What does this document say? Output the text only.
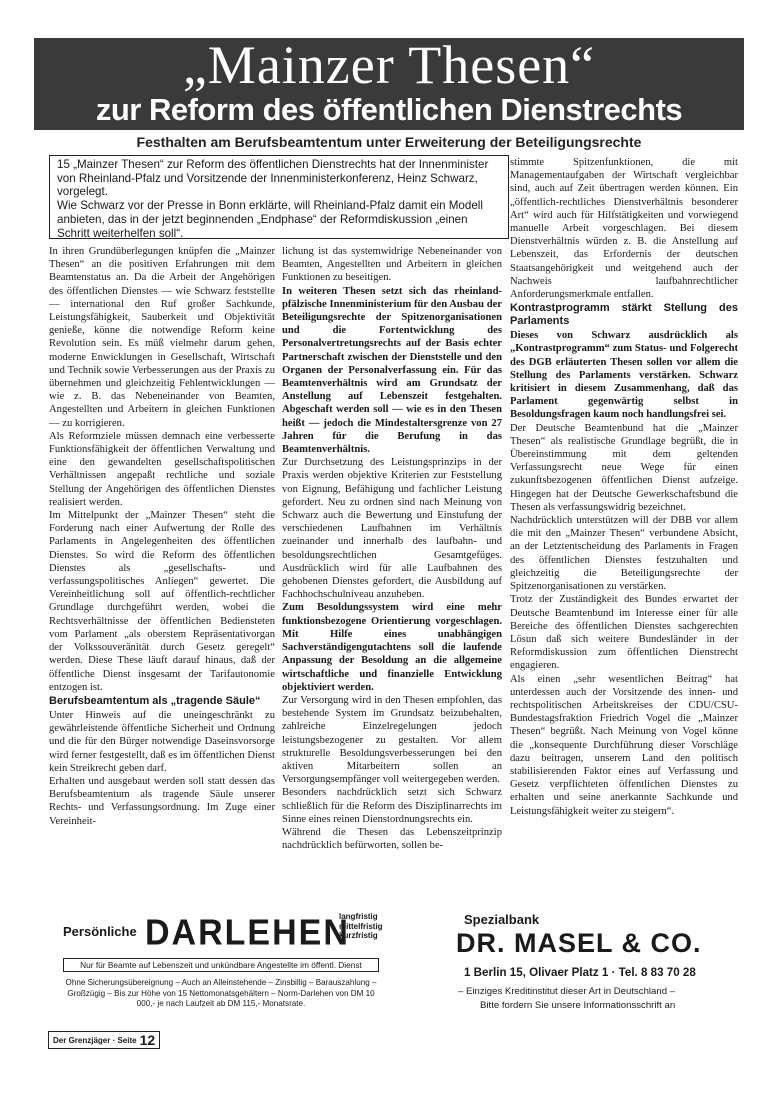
„Mainzer Thesen“
zur Reform des öffentlichen Dienstrechts
Festhalten am Berufsbeamtentum unter Erweiterung der Beteiligungsrechte

15 „Mainzer Thesen“ zur Reform des öffentlichen Dienstrechts hat der Innenminister von Rheinland-Pfalz und Vorsitzende der Innenministerkonferenz, Heinz Schwarz, vorgelegt.

Wie Schwarz vor der Presse in Bonn erklärte, will Rheinland-Pfalz damit ein Modell anbieten, das in der jetzt beginnenden „Endphase“ der Reformdiskussion „einen Schritt weiterhelfen soll“.

In ihren Grundüberlegungen knüpfen die „Mainzer Thesen“ an die positiven Erfahrungen mit dem Beamtenstatus an. Da die Arbeit der Angehörigen des öffentlichen Dienstes — wie Schwarz feststellte — international den Ruf großer Sachkunde, Leistungsfähigkeit, Sauberkeit und Objektivität genieße, könne die notwendige Reform keine Revolution sein. Es müß vielmehr darum gehen, moderne Enwicklungen in Gesellschaft, Wirtschaft und Technik sowie Verbesserungen aus der Praxis zu übernehmen und gleichzeitig Fehlentwicklungen — wie z. B. das Nebeneinander von Beamten, Angestellten und Arbeitern in gleichen Funktionen — zu korrigieren.

Als Reformziele müssen demnach eine verbesserte Funktionsfähigkeit der öffentlichen Verwaltung und eine den gewandelten gesellschaftspolitischen Verhältnissen angepaßt rechtliche und soziale Stellung der Angehörigen des öffentlichen Dienstes realisiert werden.

Im Mittelpunkt der „Mainzer Thesen“ steht die Forderung nach einer Aufwertung der Rolle des Parlaments in Angelegenheiten des öffentlichen Dienstes. So wird die Reform des öffentlichen Dienstes als „gesellschafts- und verfassungspolitisches Anliegen“ gewertet. Die Vereinheitlichung soll auf öffentlich-rechtlicher Grundlage durchgeführt werden, wobei die Rechtsverhältnisse der öffentlichen Bediensteten vom Parlament „als oberstem Repräsentativorgan der Volkssouveränität durch Gesetz geregelt“ werden. Diese These läuft darauf hinaus, daß der öffentliche Dienst insgesamt der Tarifautonomie entzogen ist.

Berufsbeamtentum als „tragende Säule“

Unter Hinweis auf die uneingeschränkt zu gewährleistende öffentliche Sicherheit und Ordnung und die für den Bürger notwendige Daseinsvorsorge wird ferner festgestellt, daß es im öffentlichen Dienst kein Streikrecht geben darf.

Erhalten und ausgebaut werden soll statt dessen das Berufsbeamtentum als tragende Säule unserer Rechts- und Verfassungsordnung. Im Zuge einer Vereinheit-

lichung ist das systemwidrige Nebeneinander von Beamten, Angestellten und Arbeitern in gleichen Funktionen zu beseitigen.

In weiteren Thesen setzt sich das rheinland-pfälzische Innenministerium für den Ausbau der Beteiligungsrechte der Spitzenorganisationen und die Fortentwicklung des Personalvertretungsrechts auf der Basis echter Partnerschaft zwischen der Dienststelle und den Organen der Personalverfassung ein. Für das Beamtenverhältnis wird am Grundsatz der Anstellung auf Lebenszeit festgehalten. Abgeschaft werden soll — wie es in den Thesen heißt — jedoch die Mindestaltersgrenze von 27 Jahren für die Berufung in das Beamtenverhältnis.

Zur Durchsetzung des Leistungsprinzips in der Praxis werden objektive Kriterien zur Feststellung von Eignung, Befähigung und fachlicher Leistung gefordert. Neu zu ordnen sind nach Meinung von Schwarz auch die Bewertung und Einstufung der verschiedenen Laufbahnen im Verhältnis zueinander und innerhalb des laufbahn- und besoldungsrechtlichen Gesamtgefüges. Ausdrücklich wird für alle Laufbahnen des gehobenen Dienstes gefordert, die Ausbildung auf Fachhochschulniveau anzuheben.

Zum Besoldungssystem wird eine mehr funktionsbezogene Orientierung vorgeschlagen. Mit Hilfe eines unabhängigen Sachverständigengutachtens soll die laufende Anpassung der Besoldung an die allgemeine wirtschaftliche und finanzielle Entwicklung objektiviert werden.

Zur Versorgung wird in den Thesen empfohlen, das bestehende System im Grundsatz beizubehalten, zahlreiche Einzelregelungen jedoch leistungsbezogener zu gestalten. Vor allem strukturelle Besoldungsverbesserungen bei den aktiven Mitarbeitern sollen an Versorgungsempfänger voll weitergegeben werden.

Besonders nachdrücklich setzt sich Schwarz schließlich für die Reform des Disziplinarrechts im Sinne eines reinen Dienstordnungsrechts ein.

Während die Thesen das Lebenszeitprinzip nachdrücklich befürworten, sollen be-

stimmte Spitzenfunktionen, die mit Managementaufgaben der Wirtschaft vergleichbar sind, auch auf Zeit übertragen werden können. Ein „öffentlich-rechtliches Dienstverhältnis besonderer Art“ wird auch für Hilfstätigkeiten und vorwiegend manuelle Arbeit vorgeschlagen. Bei diesem Dienstverhältnis würden z. B. die Anstellung auf Lebenszeit, das Erfordernis der deutschen Staatsangehörigkeit und weitgehend auch der Nachweis laufbahnrechtlicher Anforderungsmerkmale entfallen.

Kontrastprogramm stärkt Stellung des Parlaments

Dieses von Schwarz ausdrücklich als „Kontrastprogramm“ zum Status- und Folgerecht des DGB erläuterten Thesen sollen vor allem die Stellung des Parlaments verstärken. Schwarz kritisiert in diesem Zusammenhang, daß das Parlament gegenwärtig selbst in Besoldungsfragen kaum noch handlungsfrei sei.

Der Deutsche Beamtenbund hat die „Mainzer Thesen“ als realistische Grundlage begrüßt, die in Übereinstimmung mit dem geltenden Verfassungsrecht neue Wege für einen zukunftsbezogenen öffentlichen Dienst aufzeige. Hingegen hat der Deutsche Gewerkschaftsbund die Thesen als verfassungswidrig bezeichnet.

Nachdrücklich unterstützen will der DBB vor allem die mit den „Mainzer Thesen“ verbundene Absicht, an der Letztentscheidung des Parlaments in Fragen des öffentlichen Dienstes festzuhalten und gleichzeitig die Beteiligungsrechte der Spitzenorganisationen zu verstärken.

Trotz der Zuständigkeit des Bundes erwartet der Deutsche Beamtenbund im Interesse einer für alle Bereiche des öffentlichen Dienstes sachgerechten Lösun daß sich weitere Bundesländer in der Reformdiskussion zum öffentlichen Dienstrecht engagieren.

Als einen „sehr wesentlichen Beitrag“ hat unterdessen auch der Vorsitzende des innen- und rechtspolitischen Arbeitskreises der CDU/CSU-Bundestagsfraktion Friedrich Vogel die „Mainzer Thesen“ begrüßt. Nach Meinung von Vogel könne die „konsequente Durchführung dieser Vorschläge dazu beitragen, unserem Land den politisch stabilisierenden Faktor eines auf Verfassung und Gesetz verpflichteten öffentlichen Dienstes zu erhalten und seine anerkannte Sachkunde und Leistungsfähigkeit weiter zu steigern“.

Persönliche DARLEHEN
langfristig
mittelfristig
kurzfristig
Nur für Beamte auf Lebenszeit und unkündbare Angestellte im öffentl. Dienst
Ohne Sicherungsübereignung – Auch an Alleinstehende – Zinsbillig – Barauszahlung – Großzügig – Bis zur Höhe von 15 Nettomonatsgehältern – Norm-Darlehen von DM 10 000,- je nach Laufzeit ab DM 115,- Monatsrate.
Spezialbank
DR. MASEL & CO.
1 Berlin 15, Olivaer Platz 1 · Tel. 8 83 70 28
– Einziges Kreditinstitut dieser Art in Deutschland –
Bitte fordern Sie unsere Informationsschrift an
Der Grenzjäger · Seite 12
